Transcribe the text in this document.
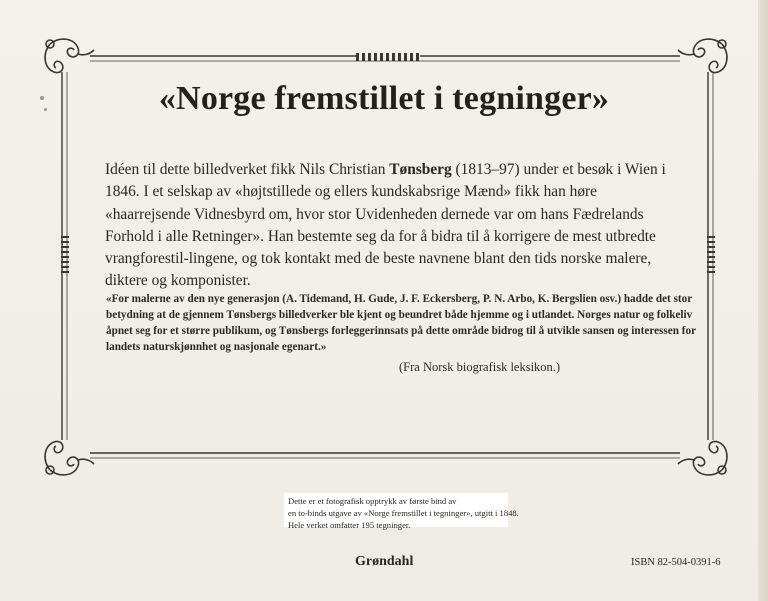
«Norge fremstillet i tegninger»
Idéen til dette billedverket fikk Nils Christian Tønsberg (1813–97) under et besøk i Wien i 1846. I et selskap av «højtstillede og ellers kundskabsrige Mænd» fikk han høre «haarrejsende Vidnesbyrd om, hvor stor Uvidenheden dernede var om hans Fædrelands Forhold i alle Retninger». Han bestemte seg da for å bidra til å korrigere de mest utbredte vrangforestil-lingene, og tok kontakt med de beste navnene blant den tids norske malere, diktere og komponister.
«For malerne av den nye generasjon (A. Tidemand, H. Gude, J. F. Eckersberg, P. N. Arbo, K. Bergslien osv.) hadde det stor betydning at de gjennem Tønsbergs billedverker ble kjent og beundret både hjemme og i utlandet. Norges natur og folkeliv åpnet seg for et større publikum, og Tønsbergs forleggerinnsats på dette område bidrog til å utvikle sansen og interessen for landets naturskjønnhet og nasjonale egenart.»
(Fra Norsk biografisk leksikon.)
Dette er et fotografisk opptrykk av første bind av
en to-binds utgave av «Norge fremstillet i tegninger», utgitt i 1848.
Hele verket omfatter 195 tegninger.
Grøndahl	ISBN 82-504-0391-6
